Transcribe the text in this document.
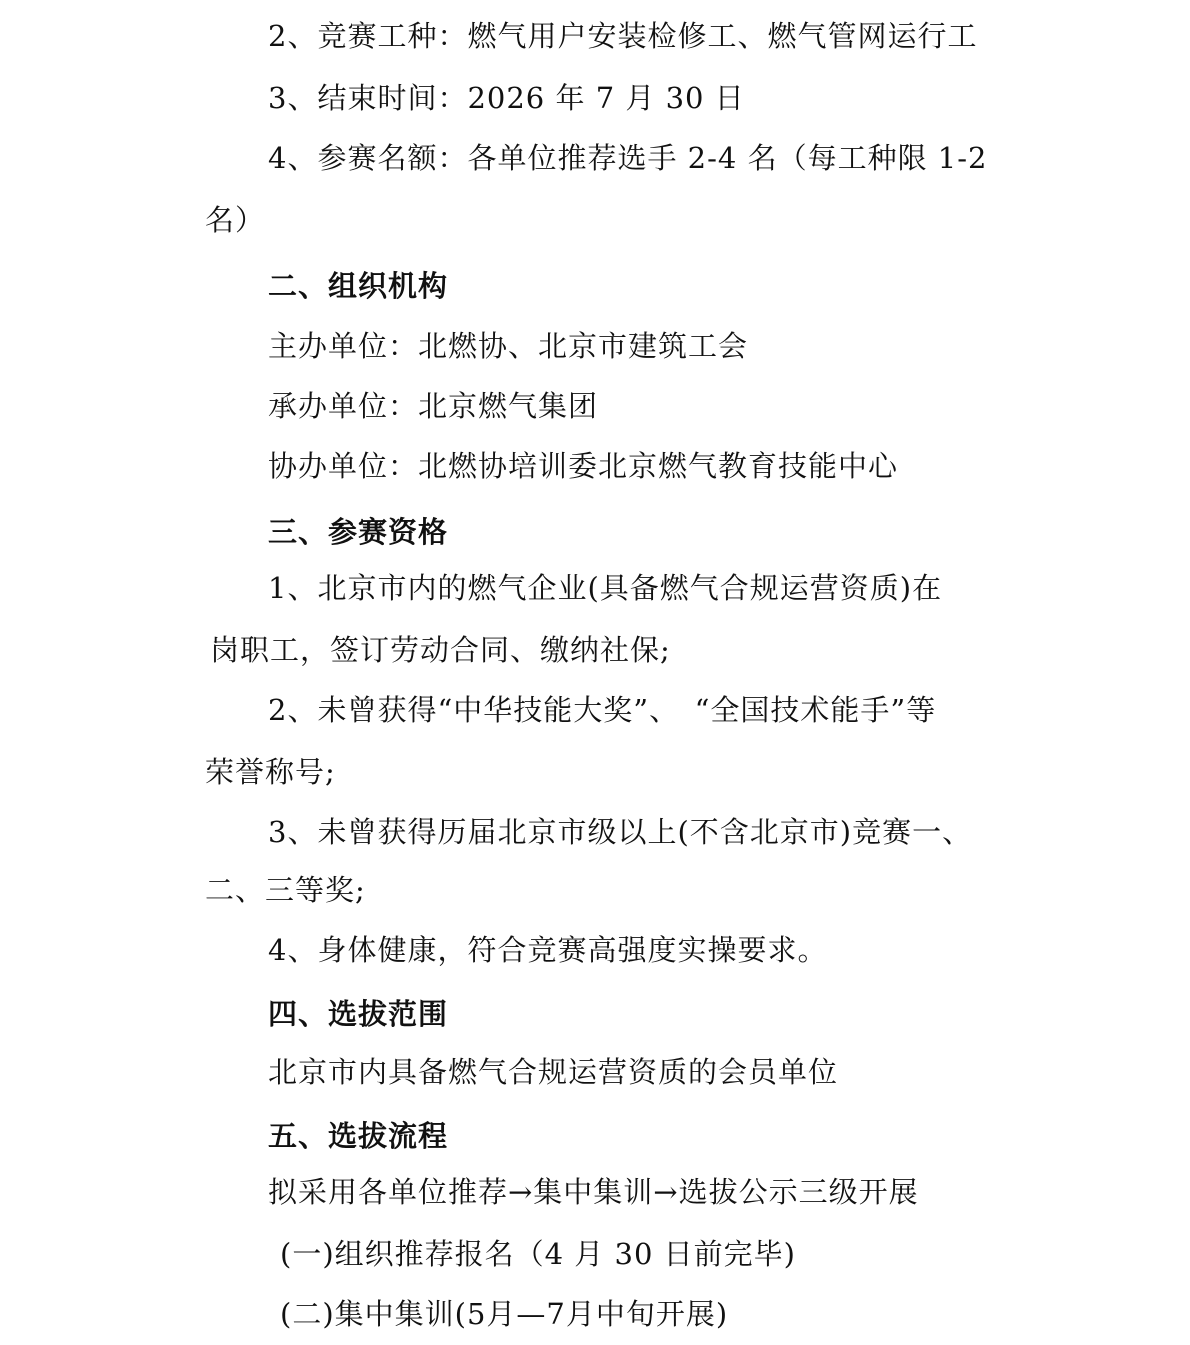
2、竞赛工种：燃气用户安装检修工、燃气管网运行工
3、结束时间：2026 年 7 月 30 日
4、参赛名额：各单位推荐选手 2-4 名（每工种限 1-2
名）
二、组织机构
主办单位：北燃协、北京市建筑工会
承办单位：北京燃气集团
协办单位：北燃协培训委北京燃气教育技能中心
三、参赛资格
1、北京市内的燃气企业(具备燃气合规运营资质)在
岗职工，签订劳动合同、缴纳社保;
2、未曾获得“中华技能大奖”、　“全国技术能手”等
荣誉称号;
3、未曾获得历届北京市级以上(不含北京市)竞赛一、
二、三等奖;
4、身体健康，符合竞赛高强度实操要求。
四、选拔范围
北京市内具备燃气合规运营资质的会员单位
五、选拔流程
拟采用各单位推荐→集中集训→选拔公示三级开展
(一)组织推荐报名（4 月 30 日前完毕)
(二)集中集训(5月—7月中旬开展)
